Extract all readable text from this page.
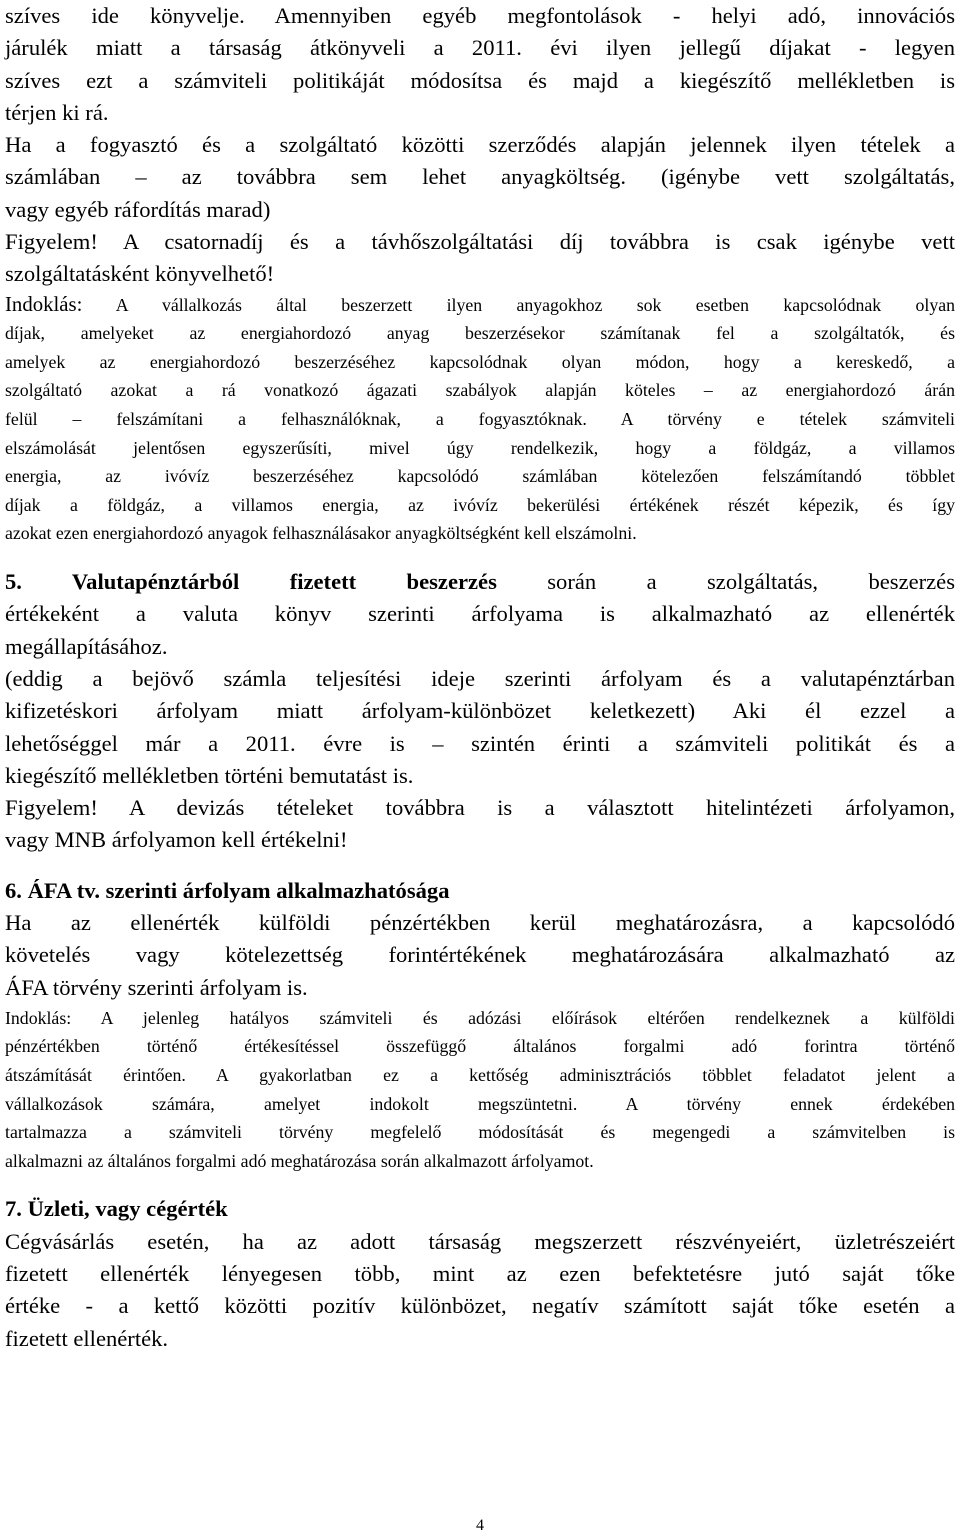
szíves ide könyvelje. Amennyiben egyéb megfontolások - helyi adó, innovációs
járulék miatt a társaság átkönyveli a 2011. évi ilyen jellegű díjakat - legyen
szíves ezt a számviteli politikáját módosítsa és majd a kiegészítő mellékletben is
térjen ki rá.

Ha a fogyasztó és a szolgáltató közötti szerződés alapján jelennek ilyen tételek a
számlában – az továbbra sem lehet anyagköltség. (igénybe vett szolgáltatás,
vagy egyéb ráfordítás marad)

Figyelem! A csatornadíj és a távhőszolgáltatási díj továbbra is csak igénybe vett
szolgáltatásként könyvelhető!

Indoklás: A vállalkozás által beszerzett ilyen anyagokhoz sok esetben kapcsolódnak olyan
díjak, amelyeket az energiahordozó anyag beszerzésekor számítanak fel a szolgáltatók, és
amelyek az energiahordozó beszerzéséhez kapcsolódnak olyan módon, hogy a kereskedő, a
szolgáltató azokat a rá vonatkozó ágazati szabályok alapján köteles – az energiahordozó árán
felül – felszámítani a felhasználóknak, a fogyasztóknak. A törvény e tételek számviteli
elszámolását jelentősen egyszerűsíti, mivel úgy rendelkezik, hogy a földgáz, a villamos
energia, az ivóvíz beszerzéséhez kapcsolódó számlában kötelezően felszámítandó többlet
díjak a földgáz, a villamos energia, az ivóvíz bekerülési értékének részét képezik, és így
azokat ezen energiahordozó anyagok felhasználásakor anyagköltségként kell elszámolni.

5. Valutapénztárból fizetett beszerzés során a szolgáltatás, beszerzés
értékeként a valuta könyv szerinti árfolyama is alkalmazható az ellenérték
megállapításához.
(eddig a bejövő számla teljesítési ideje szerinti árfolyam és a valutapénztárban
kifizetéskori árfolyam miatt árfolyam-különbözet keletkezett) Aki él ezzel a
lehetőséggel már a 2011. évre is – szintén érinti a számviteli politikát és a
kiegészítő mellékletben történi bemutatást is.
Figyelem! A devizás tételeket továbbra is a választott hitelintézeti árfolyamon,
vagy MNB árfolyamon kell értékelni!
6. ÁFA tv. szerinti árfolyam alkalmazhatósága
Ha az ellenérték külföldi pénzértékben kerül meghatározásra, a kapcsolódó
követelés vagy kötelezettség forintértékének meghatározására alkalmazható az
ÁFA törvény szerinti árfolyam is.

Indoklás: A jelenleg hatályos számviteli és adózási előírások eltérően rendelkeznek a külföldi
pénzértékben történő értékesítéssel összefüggő általános forgalmi adó forintra történő
átszámítását érintően. A gyakorlatban ez a kettőség adminisztrációs többlet feladatot jelent a
vállalkozások számára, amelyet indokolt megszüntetni. A törvény ennek érdekében
tartalmazza a számviteli törvény megfelelő módosítását és megengedi a számvitelben is
alkalmazni az általános forgalmi adó meghatározása során alkalmazott árfolyamot.

7. Üzleti, vagy cégérték
Cégvásárlás esetén, ha az adott társaság megszerzett részvényeiért, üzletrészeiért
fizetett ellenérték lényegesen több, mint az ezen befektetésre jutó saját tőke
értéke - a kettő közötti pozitív különbözet, negatív számított saját tőke esetén a
fizetett ellenérték.
4
